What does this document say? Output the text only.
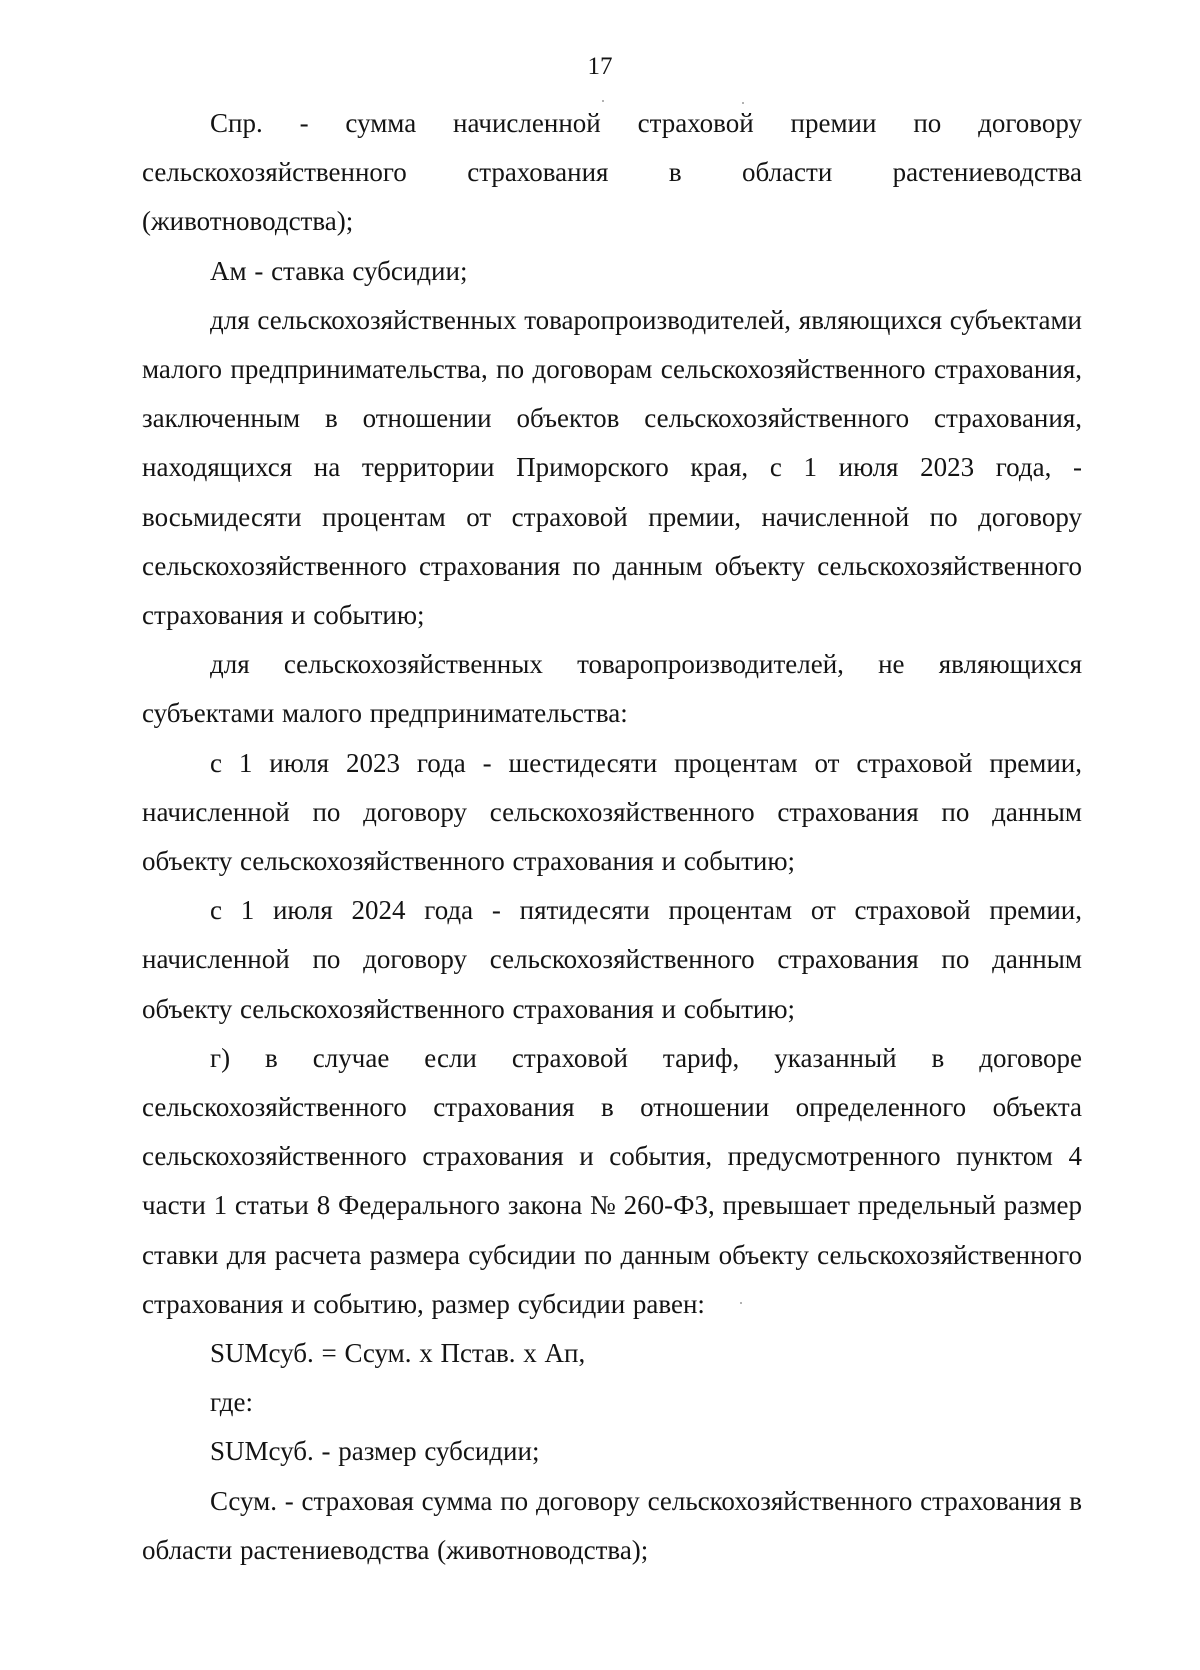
17

Спр. - сумма начисленной страховой премии по договору сельскохозяйственного страхования в области растениеводства (животноводства);

Ам - ставка субсидии;

для сельскохозяйственных товаропроизводителей, являющихся субъектами малого предпринимательства, по договорам сельскохозяйственного страхования, заключенным в отношении объектов сельскохозяйственного страхования, находящихся на территории Приморского края, с 1 июля 2023 года, - восьмидесяти процентам от страховой премии, начисленной по договору сельскохозяйственного страхования по данным объекту сельскохозяйственного страхования и событию;

для сельскохозяйственных товаропроизводителей, не являющихся субъектами малого предпринимательства:

с 1 июля 2023 года - шестидесяти процентам от страховой премии, начисленной по договору сельскохозяйственного страхования по данным объекту сельскохозяйственного страхования и событию;

с 1 июля 2024 года - пятидесяти процентам от страховой премии, начисленной по договору сельскохозяйственного страхования по данным объекту сельскохозяйственного страхования и событию;

г) в случае если страховой тариф, указанный в договоре сельскохозяйственного страхования в отношении определенного объекта сельскохозяйственного страхования и события, предусмотренного пунктом 4 части 1 статьи 8 Федерального закона № 260-ФЗ, превышает предельный размер ставки для расчета размера субсидии по данным объекту сельскохозяйственного страхования и событию, размер субсидии равен:

SUMсуб. = Ссум. х Пстав. х Ап,

где:

SUMсуб. - размер субсидии;

Ссум. - страховая сумма по договору сельскохозяйственного страхования в области растениеводства (животноводства);
